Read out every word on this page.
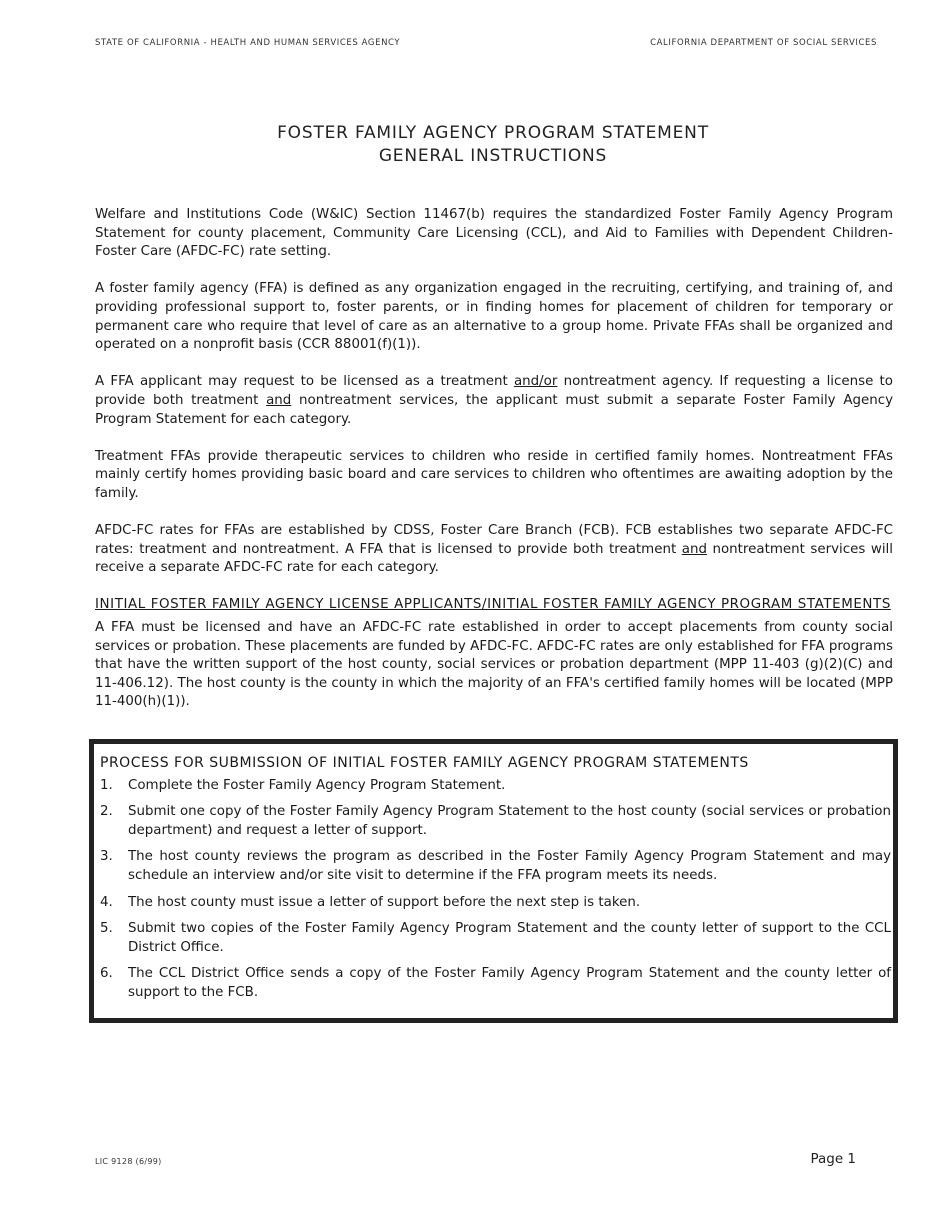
STATE OF CALIFORNIA - HEALTH AND HUMAN SERVICES AGENCY	CALIFORNIA DEPARTMENT OF SOCIAL SERVICES
FOSTER FAMILY AGENCY PROGRAM STATEMENT
GENERAL INSTRUCTIONS

Welfare and Institutions Code (W&IC) Section 11467(b) requires the standardized Foster Family Agency Program Statement for county placement, Community Care Licensing (CCL), and Aid to Families with Dependent Children-Foster Care (AFDC-FC) rate setting.

A foster family agency (FFA) is defined as any organization engaged in the recruiting, certifying, and training of, and providing professional support to, foster parents, or in finding homes for placement of children for temporary or permanent care who require that level of care as an alternative to a group home. Private FFAs shall be organized and operated on a nonprofit basis (CCR 88001(f)(1)).

A FFA applicant may request to be licensed as a treatment and/or nontreatment agency. If requesting a license to provide both treatment and nontreatment services, the applicant must submit a separate Foster Family Agency Program Statement for each category.

Treatment FFAs provide therapeutic services to children who reside in certified family homes. Nontreatment FFAs mainly certify homes providing basic board and care services to children who oftentimes are awaiting adoption by the family.

AFDC-FC rates for FFAs are established by CDSS, Foster Care Branch (FCB). FCB establishes two separate AFDC-FC rates: treatment and nontreatment. A FFA that is licensed to provide both treatment and nontreatment services will receive a separate AFDC-FC rate for each category.

INITIAL FOSTER FAMILY AGENCY LICENSE APPLICANTS/INITIAL FOSTER FAMILY AGENCY PROGRAM STATEMENTS

A FFA must be licensed and have an AFDC-FC rate established in order to accept placements from county social services or probation. These placements are funded by AFDC-FC. AFDC-FC rates are only established for FFA programs that have the written support of the host county, social services or probation department (MPP 11-403 (g)(2)(C) and 11-406.12). The host county is the county in which the majority of an FFA's certified family homes will be located (MPP 11-400(h)(1)).

PROCESS FOR SUBMISSION OF INITIAL FOSTER FAMILY AGENCY PROGRAM STATEMENTS
1.	Complete the Foster Family Agency Program Statement.
2.	Submit one copy of the Foster Family Agency Program Statement to the host county (social services or probation department) and request a letter of support.
3.	The host county reviews the program as described in the Foster Family Agency Program Statement and may schedule an interview and/or site visit to determine if the FFA program meets its needs.
4.	The host county must issue a letter of support before the next step is taken.
5.	Submit two copies of the Foster Family Agency Program Statement and the county letter of support to the CCL District Office.
6.	The CCL District Office sends a copy of the Foster Family Agency Program Statement and the county letter of support to the FCB.
LIC 9128 (6/99)	Page 1
